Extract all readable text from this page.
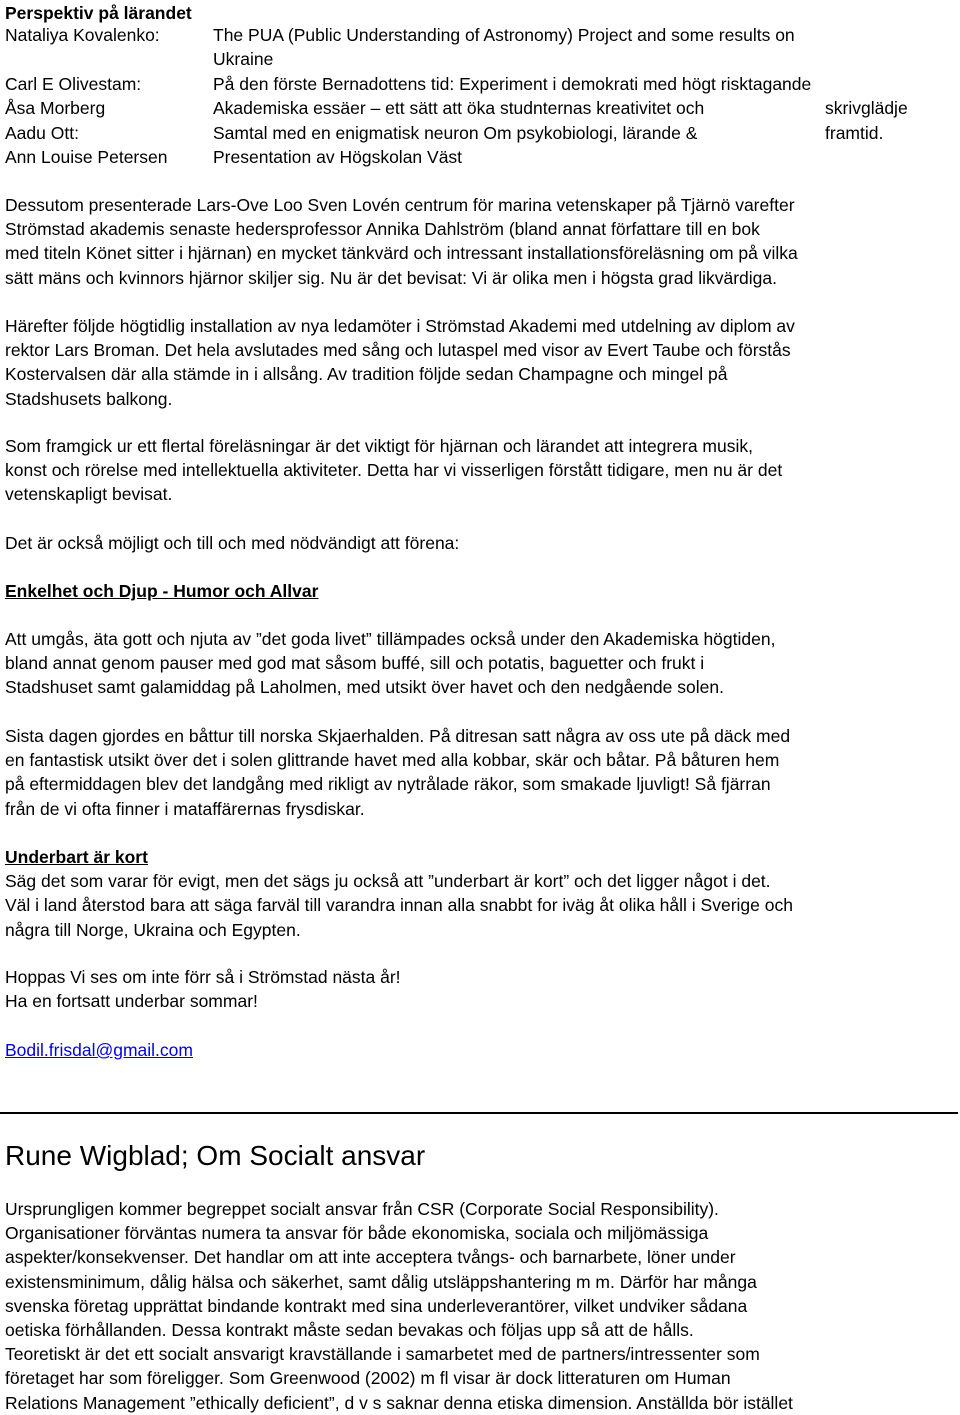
Perspektiv på lärandet
Nataliya Kovalenko:	The PUA (Public Understanding of Astronomy) Project and some results on
Ukraine
Carl E Olivestam:	På den förste Bernadottens tid: Experiment i demokrati med högt risktagande
Åsa Morberg	Akademiska essäer – ett sätt att öka studnternas kreativitet och	skrivglädje
Aadu Ott:	Samtal med en enigmatisk neuron Om psykobiologi, lärande &	framtid.
Ann Louise Petersen	Presentation av Högskolan Väst
Dessutom presenterade Lars-Ove Loo Sven Lovén centrum för marina vetenskaper på Tjärnö varefter
Strömstad akademis senaste hedersprofessor Annika Dahlström (bland annat författare till en bok
med titeln Könet sitter i hjärnan) en mycket tänkvärd och intressant installationsföreläsning om på vilka
sätt mäns och kvinnors hjärnor skiljer sig. Nu är det bevisat: Vi är olika men i högsta grad likvärdiga.
Härefter följde högtidlig installation av nya ledamöter i Strömstad Akademi med utdelning av diplom av
rektor Lars Broman. Det hela avslutades med sång och lutaspel med visor av Evert Taube och förstås
Kostervalsen där alla stämde in i allsång. Av tradition följde sedan Champagne och mingel på
Stadshusets balkong.
Som framgick ur ett flertal föreläsningar är det viktigt för hjärnan och lärandet att integrera musik,
konst och rörelse med intellektuella aktiviteter. Detta har vi visserligen förstått tidigare, men nu är det
vetenskapligt bevisat.
Det är också möjligt och till och med nödvändigt att förena:
Enkelhet och Djup - Humor och Allvar
Att umgås, äta gott och njuta av ”det goda livet” tillämpades också under den Akademiska högtiden,
bland annat genom pauser med god mat såsom buffé, sill och potatis, baguetter och frukt i
Stadshuset samt galamiddag på Laholmen, med utsikt över havet och den nedgående solen.
Sista dagen gjordes en båttur till norska Skjaerhalden. På ditresan satt några av oss ute på däck med
en fantastisk utsikt över det i solen glittrande havet med alla kobbar, skär och båtar. På båturen hem
på eftermiddagen blev det landgång med rikligt av nytrålade räkor, som smakade ljuvligt! Så fjärran
från de vi ofta finner i mataffärernas frysdiskar.
Underbart är kort
Säg det som varar för evigt, men det sägs ju också att ”underbart är kort” och det ligger något i det.
Väl i land återstod bara att säga farväl till varandra innan alla snabbt for iväg åt olika håll i Sverige och
några till Norge, Ukraina och Egypten.
Hoppas Vi ses om inte förr så i Strömstad nästa år!
Ha en fortsatt underbar sommar!
Bodil.frisdal@gmail.com
Rune Wigblad; Om Socialt ansvar
Ursprungligen kommer begreppet socialt ansvar från CSR (Corporate Social Responsibility).
Organisationer förväntas numera ta ansvar för både ekonomiska, sociala och miljömässiga
aspekter/konsekvenser. Det handlar om att inte acceptera tvångs- och barnarbete, löner under
existensminimum, dålig hälsa och säkerhet, samt dålig utsläppshantering m m. Därför har många
svenska företag upprättat bindande kontrakt med sina underleverantörer, vilket undviker sådana
oetiska förhållanden. Dessa kontrakt måste sedan bevakas och följas upp så att de hålls.
Teoretiskt är det ett socialt ansvarigt kravställande i samarbetet med de partners/intressenter som
företaget har som föreligger. Som Greenwood (2002) m fl visar är dock litteraturen om Human
Relations Management ”ethically deficient”, d v s saknar denna etiska dimension. Anställda bör istället
